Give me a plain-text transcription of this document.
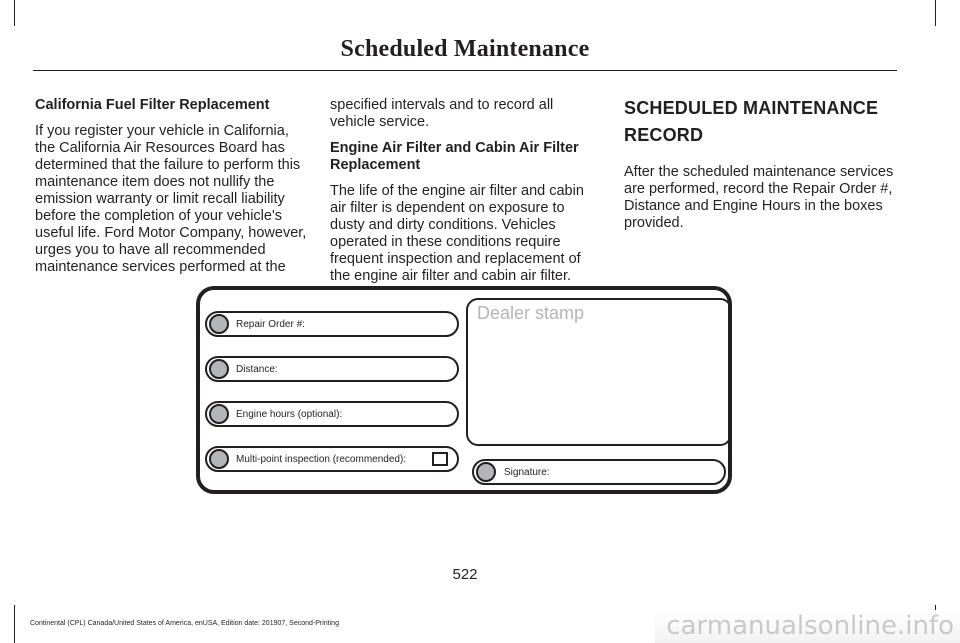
Scheduled Maintenance
California Fuel Filter Replacement

If you register your vehicle in California, the California Air Resources Board has determined that the failure to perform this maintenance item does not nullify the emission warranty or limit recall liability before the completion of your vehicle's useful life. Ford Motor Company, however, urges you to have all recommended maintenance services performed at the

specified intervals and to record all vehicle service.

Engine Air Filter and Cabin Air Filter Replacement

The life of the engine air filter and cabin air filter is dependent on exposure to dusty and dirty conditions. Vehicles operated in these conditions require frequent inspection and replacement of the engine air filter and cabin air filter.

SCHEDULED MAINTENANCE
RECORD

After the scheduled maintenance services are performed, record the Repair Order #, Distance and Engine Hours in the boxes provided.

Repair Order #:
Distance:
Engine hours (optional):
Multi-point inspection (recommended):
Dealer stamp
Signature:
522
Continental (CPL) Canada/United States of America, enUSA, Edition date: 201907, Second-Printing	carmanualsonline.info
